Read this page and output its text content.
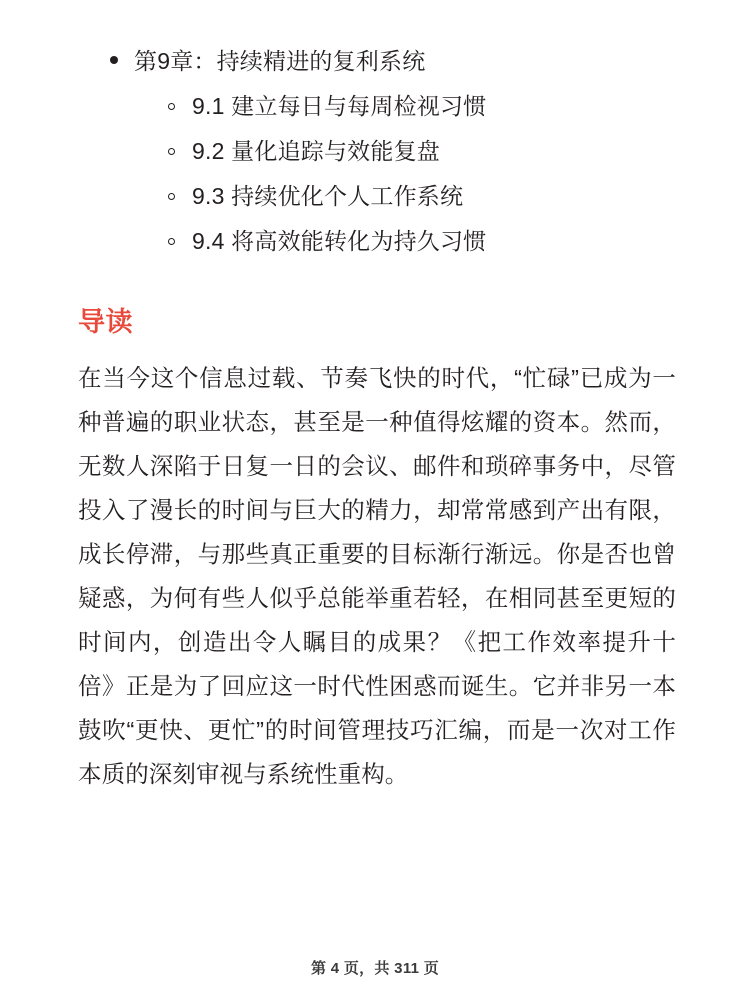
第9章：持续精进的复利系统
9.1 建立每日与每周检视习惯
9.2 量化追踪与效能复盘
9.3 持续优化个人工作系统
9.4 将高效能转化为持久习惯
导读

在当今这个信息过载、节奏飞快的时代，“忙碌”已成为一种普遍的职业状态，甚至是一种值得炫耀的资本。然而，无数人深陷于日复一日的会议、邮件和琐碎事务中，尽管投入了漫长的时间与巨大的精力，却常常感到产出有限，成长停滞，与那些真正重要的目标渐行渐远。你是否也曾疑惑，为何有些人似乎总能举重若轻，在相同甚至更短的时间内，创造出令人瞩目的成果？《把工作效率提升十倍》正是为了回应这一时代性困惑而诞生。它并非另一本鼓吹“更快、更忙”的时间管理技巧汇编，而是一次对工作本质的深刻审视与系统性重构。

第 4 页，共 311 页
